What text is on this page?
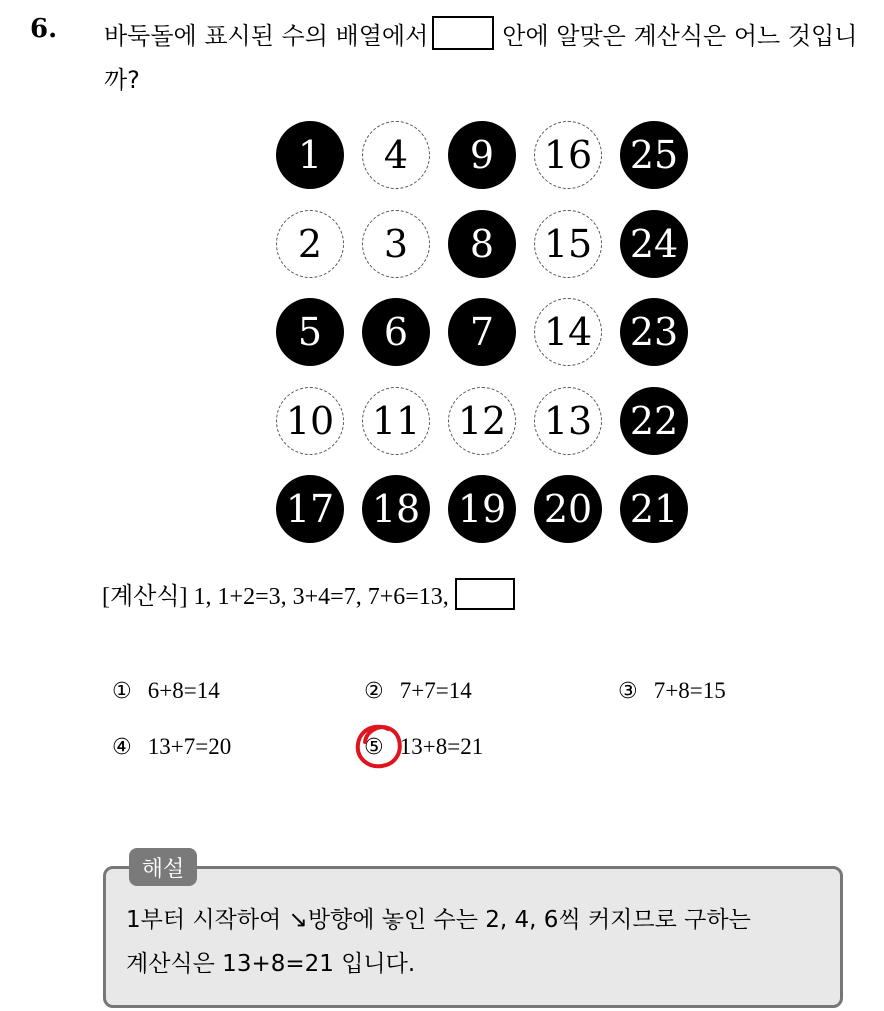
6. 바둑돌에 표시된 수의 배열에서	안에 알맞은 계산식은 어느 것입니까?
1	4	9	16 25
2	3	8	15 24
5	6	7	14 23
10 11 12 13 22
17 18 19 20 21
[계산식] 1, 1+2=3, 3+4=7, 7+6=13,
① 6+8=14	② 7+7=14	③ 7+8=15
④ 13+7=20	⑤ 13+8=21
해설
1부터 시작하여 ↘방향에 놓인 수는 2, 4, 6씩 커지므로 구하는
계산식은 13+8=21 입니다.
